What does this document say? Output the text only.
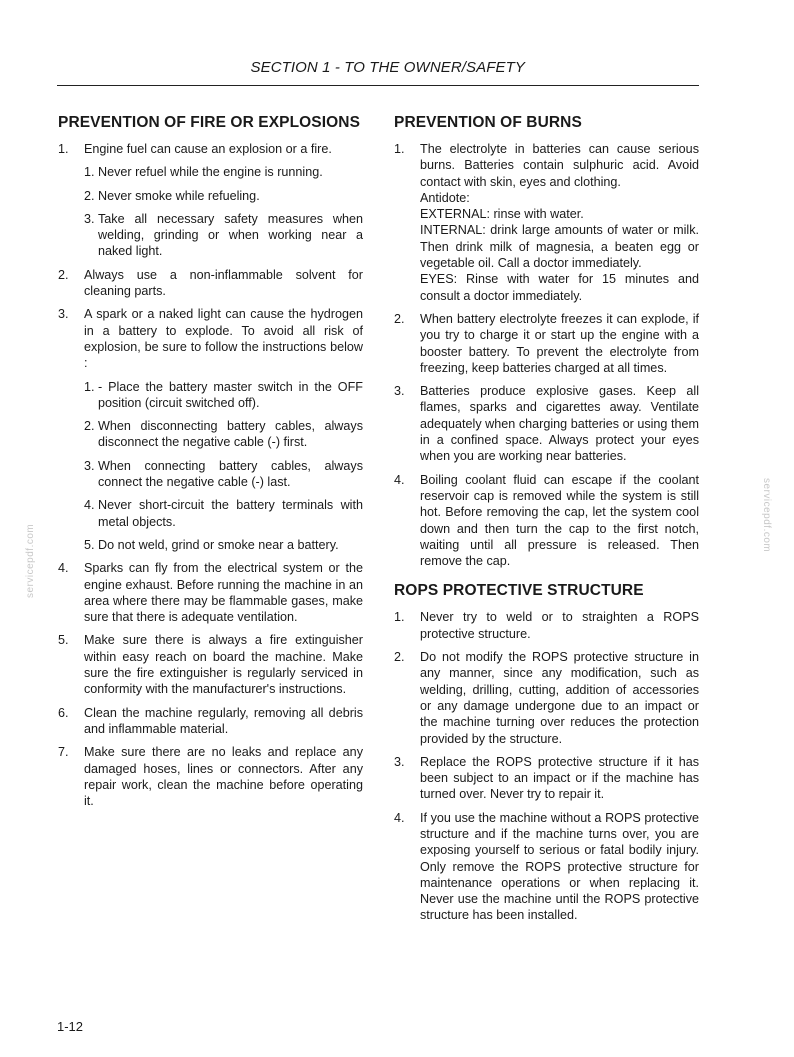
SECTION 1 - TO THE OWNER/SAFETY
PREVENTION OF FIRE OR EXPLOSIONS
1. Engine fuel can cause an explosion or a fire.
1. Never refuel while the engine is running.
2. Never smoke while refueling.
3. Take all necessary safety measures when welding, grinding or when working near a naked light.
2. Always use a non-inflammable solvent for cleaning parts.
3. A spark or a naked light can cause the hydrogen in a battery to explode. To avoid all risk of explosion, be sure to follow the instructions below :
1. - Place the battery master switch in the OFF position (circuit switched off).
2. When disconnecting battery cables, always disconnect the negative cable (-) first.
3. When connecting battery cables, always connect the negative cable (-) last.
4. Never short-circuit the battery terminals with metal objects.
5. Do not weld, grind or smoke near a battery.
4. Sparks can fly from the electrical system or the engine exhaust. Before running the machine in an area where there may be flammable gases, make sure that there is adequate ventilation.
5. Make sure there is always a fire extinguisher within easy reach on board the machine. Make sure the fire extinguisher is regularly serviced in conformity with the manufacturer's instructions.
6. Clean the machine regularly, removing all debris and inflammable material.
7. Make sure there are no leaks and replace any damaged hoses, lines or connectors. After any repair work, clean the machine before operating it.
PREVENTION OF BURNS
1. The electrolyte in batteries can cause serious burns. Batteries contain sulphuric acid. Avoid contact with skin, eyes and clothing.
Antidote:
EXTERNAL: rinse with water.
INTERNAL: drink large amounts of water or milk. Then drink milk of magnesia, a beaten egg or vegetable oil. Call a doctor immediately.
EYES: Rinse with water for 15 minutes and consult a doctor immediately.
2. When battery electrolyte freezes it can explode, if you try to charge it or start up the engine with a booster battery. To prevent the electrolyte from freezing, keep batteries charged at all times.
3. Batteries produce explosive gases. Keep all flames, sparks and cigarettes away. Ventilate adequately when charging batteries or using them in a confined space. Always protect your eyes when you are working near batteries.
4. Boiling coolant fluid can escape if the coolant reservoir cap is removed while the system is still hot. Before removing the cap, let the system cool down and then turn the cap to the first notch, waiting until all pressure is released. Then remove the cap.
ROPS PROTECTIVE STRUCTURE
1. Never try to weld or to straighten a ROPS protective structure.
2. Do not modify the ROPS protective structure in any manner, since any modification, such as welding, drilling, cutting, addition of accessories or any damage undergone due to an impact or the machine turning over reduces the protection provided by the structure.
3. Replace the ROPS protective structure if it has been subject to an impact or if the machine has turned over. Never try to repair it.
4. If you use the machine without a ROPS protective structure and if the machine turns over, you are exposing yourself to serious or fatal bodily injury. Only remove the ROPS protective structure for maintenance operations or when replacing it. Never use the machine until the ROPS protective structure has been installed.
servicepdf.com
servicepdf.com
1-12
